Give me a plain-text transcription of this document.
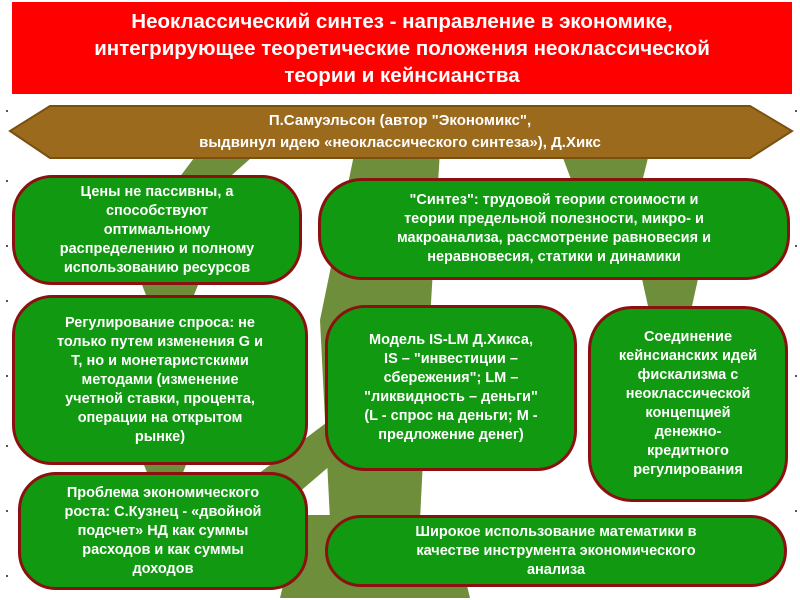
Неоклассический синтез - направление в экономике,
интегрирующее теоретические положения неоклассической
теории и кейнсианства
П.Самуэльсон (автор "Экономикс",
выдвинул идею «неоклассического синтеза»), Д.Хикс
Цены не пассивны, а
способствуют
оптимальному
распределению и полному
использованию ресурсов
"Синтез": трудовой теории стоимости и
теории предельной полезности, микро- и
макроанализа, рассмотрение равновесия и
неравновесия, статики и динамики
Регулирование спроса: не
только путем изменения G и
T, но и монетаристскими
методами (изменение
учетной ставки, процента,
операции на открытом
рынке)
Модель IS-LM Д.Хикса,
IS – "инвестиции –
сбережения"; LM –
"ликвидность – деньги"
(L - спрос на деньги; M -
предложение денег)
Соединение
кейнсианских идей
фискализма с
неоклассической
концепцией
денежно-
кредитного
регулирования
Проблема экономического
роста: С.Кузнец - «двойной
подсчет» НД как суммы
расходов и как суммы
доходов
Широкое использование математики в
качестве инструмента экономического
анализа
